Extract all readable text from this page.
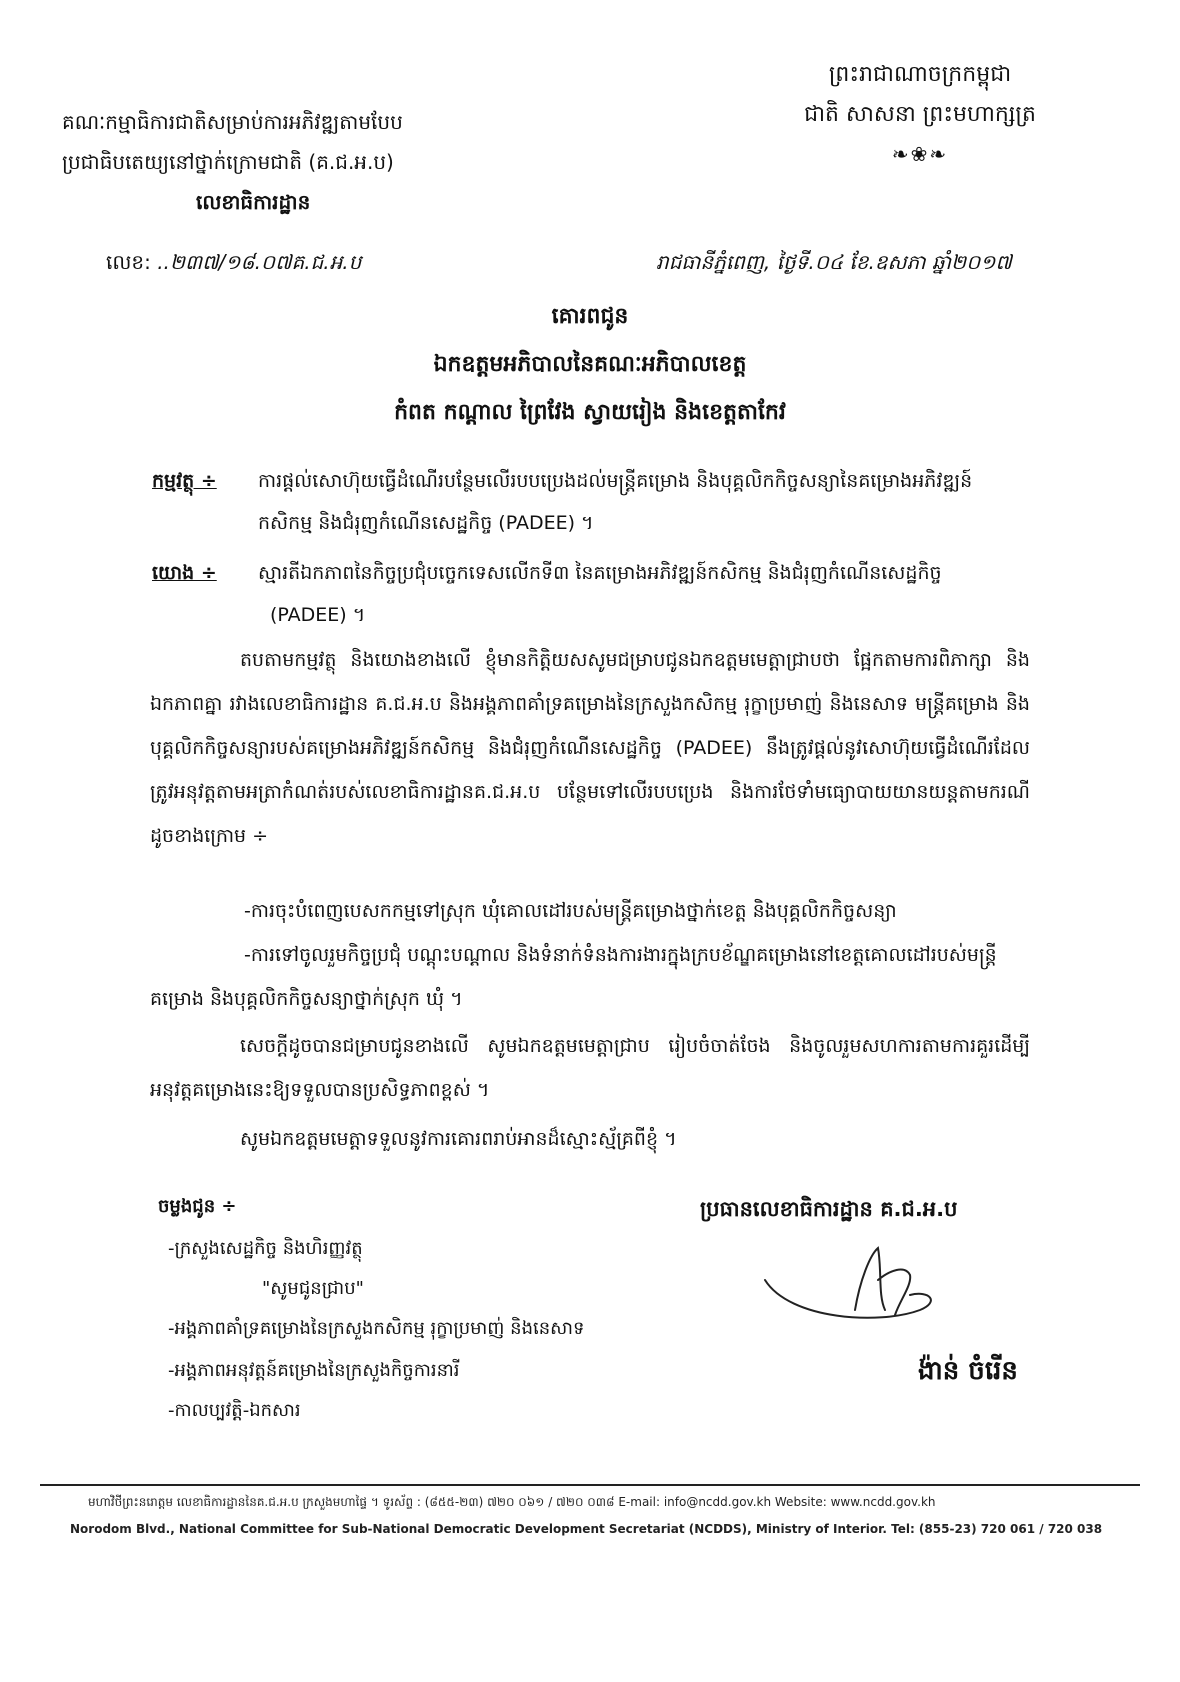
ព្រះរាជាណាចក្រកម្ពុជា
ជាតិ សាសនា ព្រះមហាក្សត្រ
❧❀❧
គណៈកម្មាធិការជាតិសម្រាប់ការអភិវឌ្ឍតាមបែប
ប្រជាធិបតេយ្យនៅថ្នាក់ក្រោមជាតិ (គ.ជ.អ.ប)
លេខាធិការដ្ឋាន
លេខ: ..២៣៧/១៨.០៧គ.ជ.អ.ប	រាជធានីភ្នំពេញ, ថ្ងៃទី.០៤ ខែ.ឧសភា ឆ្នាំ២០១៧
គោរពជូន
ឯកឧត្តមអភិបាលនៃគណៈអភិបាលខេត្ត
កំពត កណ្តាល ព្រៃវែង ស្វាយរៀង និងខេត្តតាកែវ
កម្មវត្ថុ ÷ ការផ្តល់សោហ៊ុយធ្វើដំណើរបន្ថែមលើរបបប្រេងដល់មន្ត្រីគម្រោង និងបុគ្គលិកកិច្ចសន្យានៃគម្រោងអភិវឌ្ឍន៍
កសិកម្ម និងជំរុញកំណើនសេដ្ឋកិច្ច (PADEE) ។
យោង ÷ ស្មារតីឯកភាពនៃកិច្ចប្រជុំបច្ចេកទេសលើកទី៣ នៃគម្រោងអភិវឌ្ឍន៍កសិកម្ម និងជំរុញកំណើនសេដ្ឋកិច្ច
(PADEE) ។
តបតាមកម្មវត្ថុ និងយោងខាងលើ ខ្ញុំមានកិត្តិយសសូមជម្រាបជូនឯកឧត្តមមេត្តាជ្រាបថា ផ្អែកតាមការពិភាក្សា និងឯកភាពគ្នា រវាងលេខាធិការដ្ឋាន គ.ជ.អ.ប និងអង្គភាពគាំទ្រគម្រោងនៃក្រសួងកសិកម្ម រុក្ខាប្រមាញ់ និងនេសាទ មន្ត្រីគម្រោង និងបុគ្គលិកកិច្ចសន្យារបស់គម្រោងអភិវឌ្ឍន៍កសិកម្ម និងជំរុញកំណើនសេដ្ឋកិច្ច (PADEE) នឹងត្រូវផ្តល់នូវសោហ៊ុយធ្វើដំណើរដែលត្រូវអនុវត្តតាមអត្រាកំណត់របស់លេខាធិការដ្ឋានគ.ជ.អ.ប បន្ថែមទៅលើរបបប្រេង និងការថែទាំមធ្យោបាយយានយន្តតាមករណីដូចខាងក្រោម ÷
-ការចុះបំពេញបេសកកម្មទៅស្រុក ឃុំគោលដៅរបស់មន្ត្រីគម្រោងថ្នាក់ខេត្ត និងបុគ្គលិកកិច្ចសន្យា
-ការទៅចូលរួមកិច្ចប្រជុំ បណ្តុះបណ្តាល និងទំនាក់ទំនងការងារក្នុងក្របខ័ណ្ឌគម្រោងនៅខេត្តគោលដៅរបស់មន្ត្រី
គម្រោង និងបុគ្គលិកកិច្ចសន្យាថ្នាក់ស្រុក ឃុំ ។
សេចក្តីដូចបានជម្រាបជូនខាងលើ សូមឯកឧត្តមមេត្តាជ្រាប រៀបចំចាត់ចែង និងចូលរួមសហការតាមការគួរដើម្បីអនុវត្តគម្រោងនេះឱ្យទទួលបានប្រសិទ្ធភាពខ្ពស់ ។
សូមឯកឧត្តមមេត្តាទទួលនូវការគោរពរាប់អានដ៏ស្មោះស្ម័គ្រពីខ្ញុំ ។
ចម្លងជូន ÷
-ក្រសួងសេដ្ឋកិច្ច និងហិរញ្ញវត្ថុ
"សូមជូនជ្រាប"
-អង្គភាពគាំទ្រគម្រោងនៃក្រសួងកសិកម្ម រុក្ខាប្រមាញ់ និងនេសាទ
-អង្គភាពអនុវត្តន៍គម្រោងនៃក្រសួងកិច្ចការនារី
-កាលប្បវត្តិ-ឯកសារ
ប្រធានលេខាធិការដ្ឋាន គ.ជ.អ.ប
ង៉ាន់ ចំរើន
មហាវិថីព្រះនរោត្តម លេខាធិការដ្ឋាននៃគ.ជ.អ.ប ក្រសួងមហាផ្ទៃ ។ ទូរស័ព្ទ : (៨៥៥-២៣) ៧២០ ០៦១ / ៧២០ ០៣៨ E-mail: info@ncdd.gov.kh Website: www.ncdd.gov.kh
Norodom Blvd., National Committee for Sub-National Democratic Development Secretariat (NCDDS), Ministry of Interior. Tel: (855-23) 720 061 / 720 038
